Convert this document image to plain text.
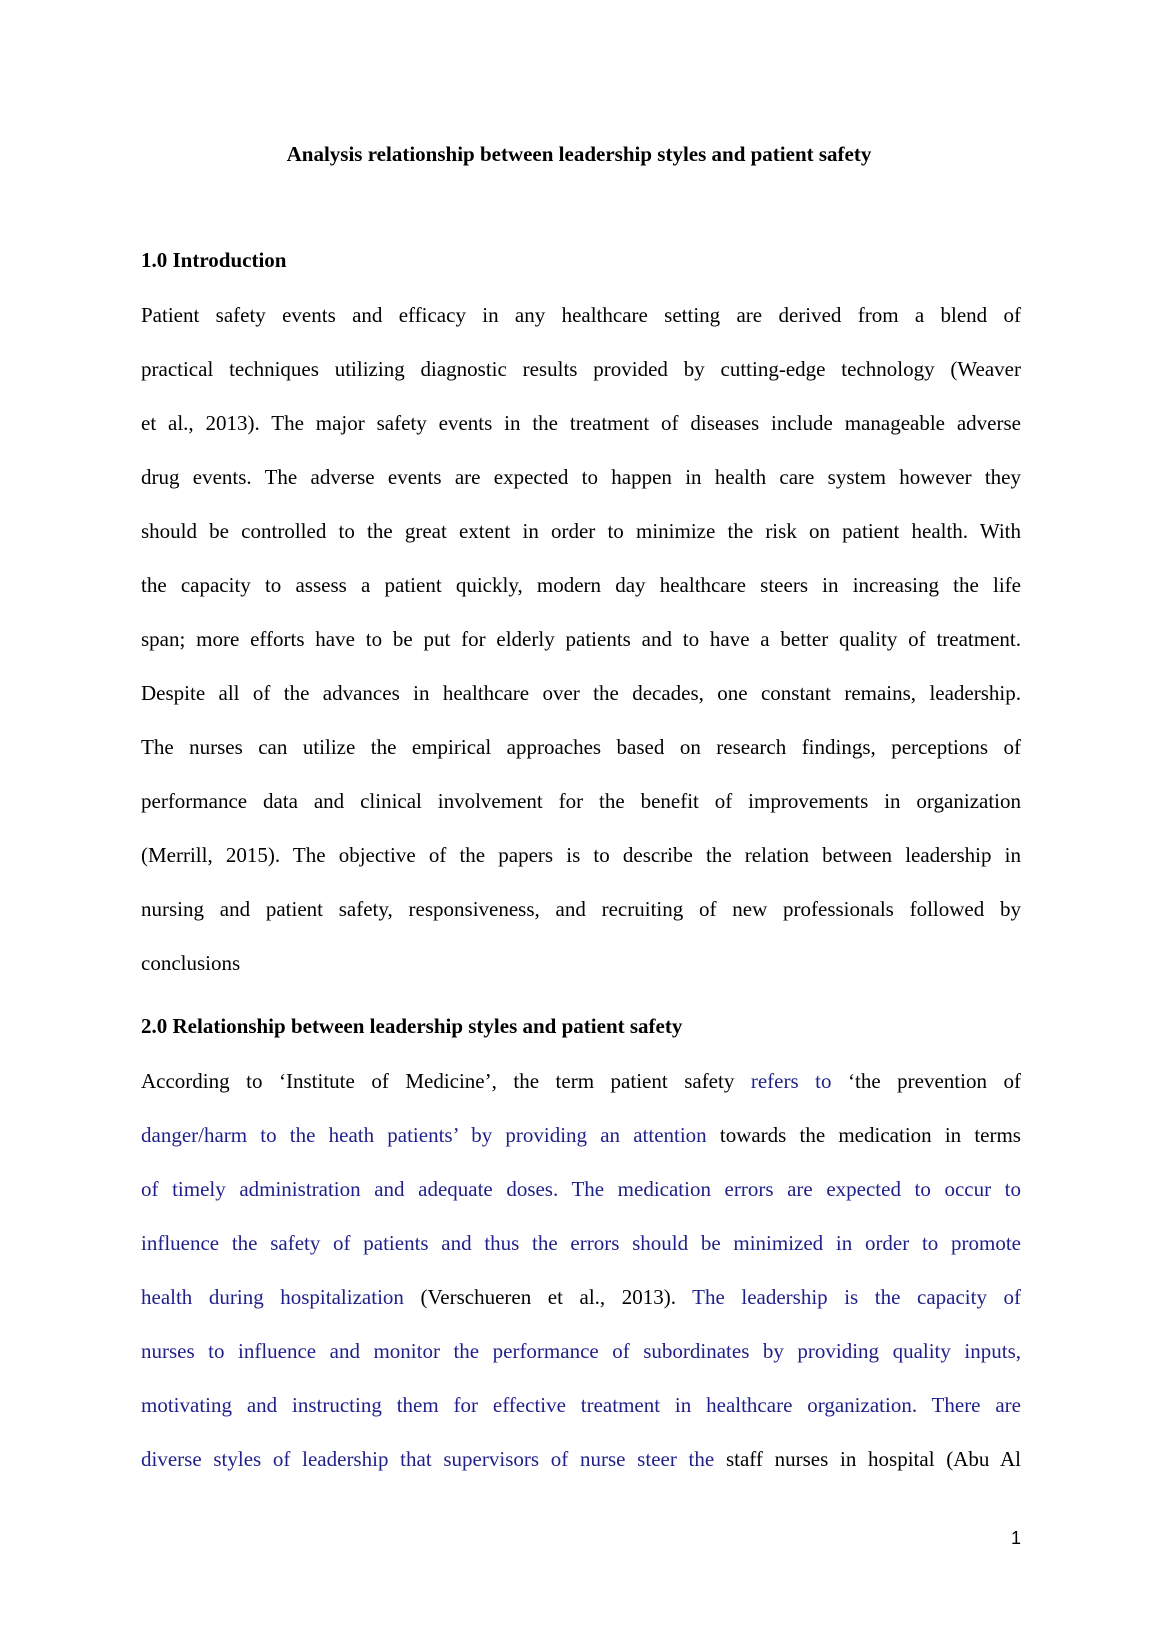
Analysis relationship between leadership styles and patient safety
1.0 Introduction
Patient safety events and efficacy in any healthcare setting are derived from a blend of
practical techniques utilizing diagnostic results provided by cutting-edge technology (Weaver
et al., 2013). The major safety events in the treatment of diseases include manageable adverse
drug events. The adverse events are expected to happen in health care system however they
should be controlled to the great extent in order to minimize the risk on patient health. With
the capacity to assess a patient quickly, modern day healthcare steers in increasing the life
span; more efforts have to be put for elderly patients and to have a better quality of treatment.
Despite all of the advances in healthcare over the decades, one constant remains, leadership.
The nurses can utilize the empirical approaches based on research findings, perceptions of
performance data and clinical involvement for the benefit of improvements in organization
(Merrill, 2015). The objective of the papers is to describe the relation between leadership in
nursing and patient safety, responsiveness, and recruiting of new professionals followed by
conclusions
2.0 Relationship between leadership styles and patient safety
According to ‘Institute of Medicine’, the term patient safety refers to ‘the prevention of
danger/harm to the heath patients’ by providing an attention towards the medication in terms
of timely administration and adequate doses. The medication errors are expected to occur to
influence the safety of patients and thus the errors should be minimized in order to promote
health during hospitalization (Verschueren et al., 2013). The leadership is the capacity of
nurses to influence and monitor the performance of subordinates by providing quality inputs,
motivating and instructing them for effective treatment in healthcare organization. There are
diverse styles of leadership that supervisors of nurse steer the staff nurses in hospital (Abu Al
1
